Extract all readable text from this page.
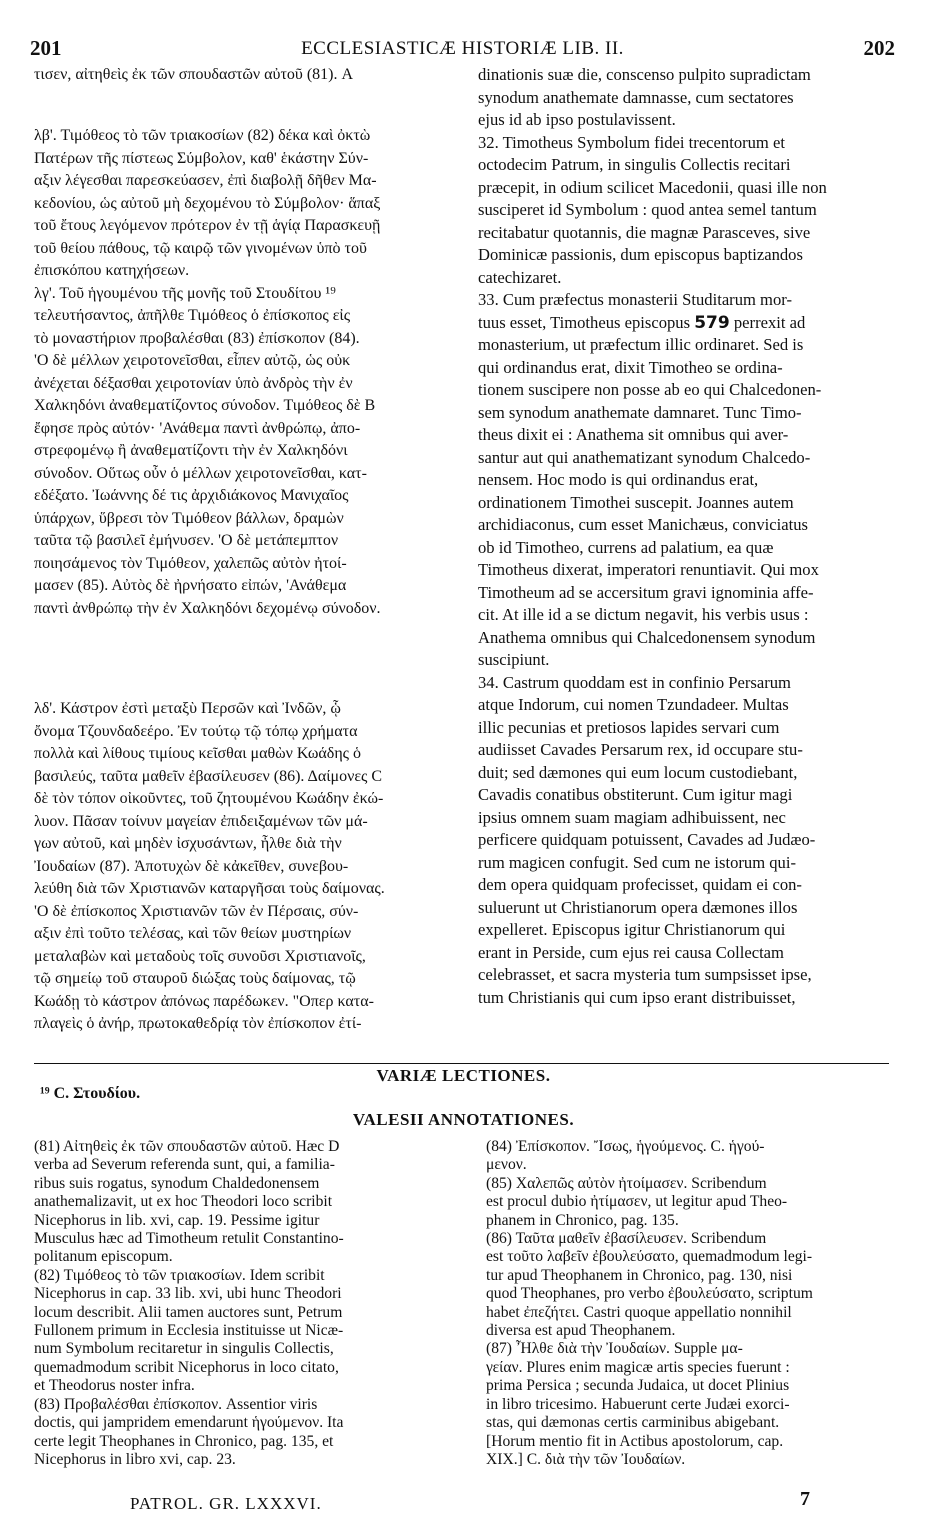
201	ECCLESIASTICÆ HISTORIÆ LIB. II.	202
τισεν, αἰτηθεὶς ἐκ τῶν σπουδαστῶν αὐτοῦ (81). A
λβ'. Τιμόθεος τὸ τῶν τριακοσίων (82) δέκα καὶ ὀκτὼ
Πατέρων τῆς πίστεως Σύμβολον, καθ' ἑκάστην Σύν-
αξιν λέγεσθαι παρεσκεύασεν, ἐπὶ διαβολῇ δῆθεν Μα-
κεδονίου, ὡς αὐτοῦ μὴ δεχομένου τὸ Σύμβολον· ἅπαξ
τοῦ ἔτους λεγόμενον πρότερον ἐν τῇ ἁγίᾳ Παρασκευῇ
τοῦ θείου πάθους, τῷ καιρῷ τῶν γινομένων ὑπὸ τοῦ
ἐπισκόπου κατηχήσεων.
λγ'. Τοῦ ἡγουμένου τῆς μονῆς τοῦ Στουδίτου ¹⁹
τελευτήσαντος, ἀπῆλθε Τιμόθεος ὁ ἐπίσκοπος εἰς
τὸ μοναστήριον προβαλέσθαι (83) ἐπίσκοπον (84).
'Ο δὲ μέλλων χειροτονεῖσθαι, εἶπεν αὐτῷ, ὡς οὐκ
ἀνέχεται δέξασθαι χειροτονίαν ὑπὸ ἀνδρὸς τὴν ἐν
Χαλκηδόνι ἀναθεματίζοντος σύνοδον. Τιμόθεος δὲ B
ἔφησε πρὸς αὐτόν· 'Ανάθεμα παντὶ ἀνθρώπῳ, ἀπο-
στρεφομένῳ ἢ ἀναθεματίζοντι τὴν ἐν Χαλκηδόνι
σύνοδον. Οὕτως οὖν ὁ μέλλων χειροτονεῖσθαι, κατ-
εδέξατο. Ἰωάννης δέ τις ἀρχιδιάκονος Μανιχαῖος
ὑπάρχων, ὕβρεσι τὸν Τιμόθεον βάλλων, δραμὼν
ταῦτα τῷ βασιλεῖ ἐμήνυσεν. 'Ο δὲ μετάπεμπτον
ποιησάμενος τὸν Τιμόθεον, χαλεπῶς αὐτὸν ἠτοί-
μασεν (85). Αὐτὸς δὲ ἠρνήσατο εἰπών, 'Ανάθεμα
παντὶ ἀνθρώπῳ τὴν ἐν Χαλκηδόνι δεχομένῳ σύνοδον.
λδ'. Κάστρον ἐστὶ μεταξὺ Περσῶν καὶ Ἰνδῶν, ᾧ
ὄνομα Τζουνδαδεέρο. Ἐν τούτῳ τῷ τόπῳ χρήματα
πολλὰ καὶ λίθους τιμίους κεῖσθαι μαθὼν Κωάδης ὁ
βασιλεύς, ταῦτα μαθεῖν ἐβασίλευσεν (86). Δαίμονες C
δὲ τὸν τόπον οἰκοῦντες, τοῦ ζητουμένου Κωάδην ἐκώ-
λυον. Πᾶσαν τοίνυν μαγείαν ἐπιδειξαμένων τῶν μά-
γων αὐτοῦ, καὶ μηδὲν ἰσχυσάντων, ἦλθε διὰ τὴν
Ἰουδαίων (87). Ἀποτυχὼν δὲ κἀκεῖθεν, συνεβου-
λεύθη διὰ τῶν Χριστιανῶν καταργῆσαι τοὺς δαίμονας.
'Ο δὲ ἐπίσκοπος Χριστιανῶν τῶν ἐν Πέρσαις, σύν-
αξιν ἐπὶ τοῦτο τελέσας, καὶ τῶν θείων μυστηρίων
μεταλαβὼν καὶ μεταδοὺς τοῖς συνοῦσι Χριστιανοῖς,
τῷ σημείῳ τοῦ σταυροῦ διώξας τοὺς δαίμονας, τῷ
Κωάδῃ τὸ κάστρον ἀπόνως παρέδωκεν. "Οπερ κατα-
πλαγεὶς ὁ ἀνήρ, πρωτοκαθεδρίᾳ τὸν ἐπίσκοπον ἐτί-
dinationis suæ die, conscenso pulpito supradictam
synodum anathemate damnasse, cum sectatores
ejus id ab ipso postulavissent.
32. Timotheus Symbolum fidei trecentorum et
octodecim Patrum, in singulis Collectis recitari
præcepit, in odium scilicet Macedonii, quasi ille non
susciperet id Symbolum : quod antea semel tantum
recitabatur quotannis, die magnæ Parasceves, sive
Dominicæ passionis, dum episcopus baptizandos
catechizaret.
33. Cum præfectus monasterii Studitarum mor-
tuus esset, Timotheus episcopus 579 perrexit ad
monasterium, ut præfectum illic ordinaret. Sed is
qui ordinandus erat, dixit Timotheo se ordina-
tionem suscipere non posse ab eo qui Chalcedonen-
sem synodum anathemate damnaret. Tunc Timo-
theus dixit ei : Anathema sit omnibus qui aver-
santur aut qui anathematizant synodum Chalcedo-
nensem. Hoc modo is qui ordinandus erat,
ordinationem Timothei suscepit. Joannes autem
archidiaconus, cum esset Manichæus, conviciatus
ob id Timotheo, currens ad palatium, ea quæ
Timotheus dixerat, imperatori renuntiavit. Qui mox
Timotheum ad se accersitum gravi ignominia affe-
cit. At ille id a se dictum negavit, his verbis usus :
Anathema omnibus qui Chalcedonensem synodum
suscipiunt.
34. Castrum quoddam est in confinio Persarum
atque Indorum, cui nomen Tzundadeer. Multas
illic pecunias et pretiosos lapides servari cum
audiisset Cavades Persarum rex, id occupare stu-
duit; sed dæmones qui eum locum custodiebant,
Cavadis conatibus obstiterunt. Cum igitur magi
ipsius omnem suam magiam adhibuissent, nec
perficere quidquam potuissent, Cavades ad Judæo-
rum magicen confugit. Sed cum ne istorum qui-
dem opera quidquam profecisset, quidam ei con-
suluerunt ut Christianorum opera dæmones illos
expelleret. Episcopus igitur Christianorum qui
erant in Perside, cum ejus rei causa Collectam
celebrasset, et sacra mysteria tum sumpsisset ipse,
tum Christianis qui cum ipso erant distribuisset,
VARIÆ LECTIONES.
¹⁹ C. Στουδίου.
VALESII ANNOTATIONES.
(81) Αἰτηθεὶς ἐκ τῶν σπουδαστῶν αὐτοῦ. Hæc D
verba ad Severum referenda sunt, qui, a familia-
ribus suis rogatus, synodum Chaldedonensem
anathemalizavit, ut ex hoc Theodori loco scribit
Nicephorus in lib. xvi, cap. 19. Pessime igitur
Musculus hæc ad Timotheum retulit Constantino-
politanum episcopum.
(82) Τιμόθεος τὸ τῶν τριακοσίων. Idem scribit
Nicephorus in cap. 33 lib. xvi, ubi hunc Theodori
locum describit. Alii tamen auctores sunt, Petrum
Fullonem primum in Ecclesia instituisse ut Nicæ-
num Symbolum recitaretur in singulis Collectis,
quemadmodum scribit Nicephorus in loco citato,
et Theodorus noster infra.
(83) Προβαλέσθαι ἐπίσκοπον. Assentior viris
doctis, qui jampridem emendarunt ἡγούμενον. Ita
certe legit Theophanes in Chronico, pag. 135, et
Nicephorus in libro xvi, cap. 23.
(84) Ἐπίσκοπον. Ἴσως, ἡγούμενος. C. ἡγού-
μενον.
(85) Χαλεπῶς αὐτὸν ἠτοίμασεν. Scribendum
est procul dubio ἠτίμασεν, ut legitur apud Theo-
phanem in Chronico, pag. 135.
(86) Ταῦτα μαθεῖν ἐβασίλευσεν. Scribendum
est τοῦτο λαβεῖν ἐβουλεύσατο, quemadmodum legi-
tur apud Theophanem in Chronico, pag. 130, nisi
quod Theophanes, pro verbo ἐβουλεύσατο, scriptum
habet ἐπεζήτει. Castri quoque appellatio nonnihil
diversa est apud Theophanem.
(87) Ἦλθε διὰ τὴν Ἰουδαίων. Supple μα-
γείαν. Plures enim magicæ artis species fuerunt :
prima Persica ; secunda Judaica, ut docet Plinius
in libro tricesimo. Habuerunt certe Judæi exorci-
stas, qui dæmonas certis carminibus abigebant.
[Horum mentio fit in Actibus apostolorum, cap.
XIX.] C. διὰ τὴν τῶν Ἰουδαίων.
PATROL. GR. LXXXVI.	7
